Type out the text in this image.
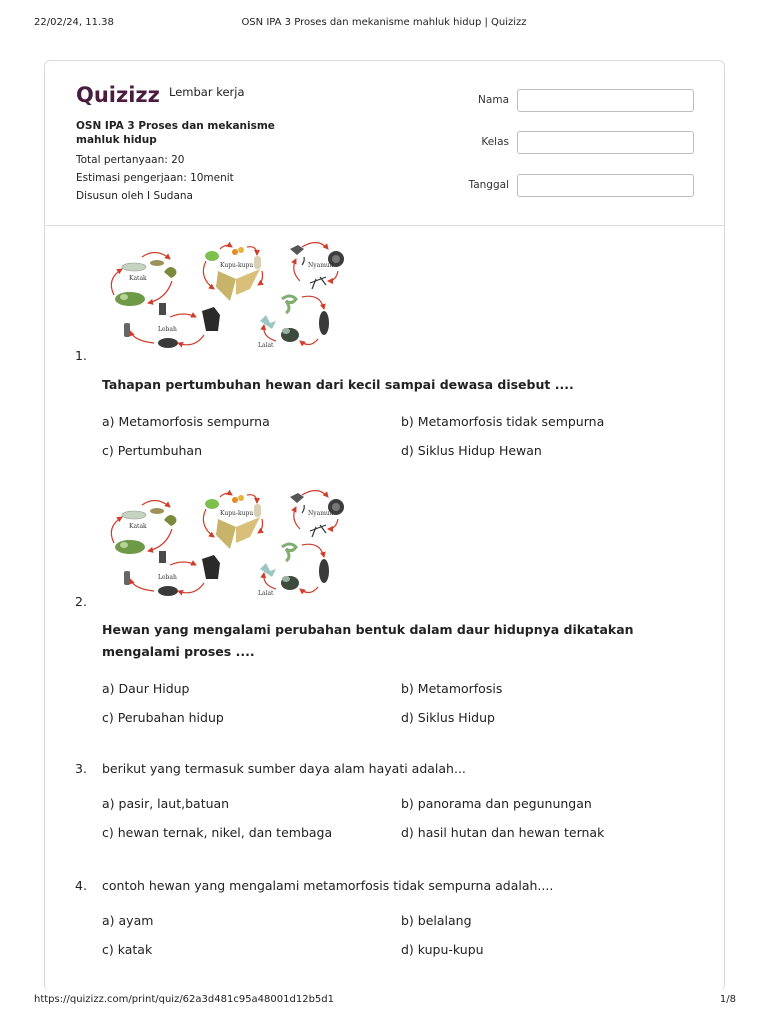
22/02/24, 11.38	OSN IPA 3 Proses dan mekanisme mahluk hidup | Quizizz
Quizizz Lembar kerja
OSN IPA 3 Proses dan mekanisme mahluk hidup
Total pertanyaan: 20
Estimasi pengerjaan: 10menit
Disusun oleh I Sudana
Nama
Kelas
Tanggal
Katak
Kupu-kupu	Nyamuk
Lebah
Lalat
1.
Tahapan pertumbuhan hewan dari kecil sampai dewasa disebut ....
a) Metamorfosis sempurna	b) Metamorfosis tidak sempurna
c) Pertumbuhan	d) Siklus Hidup Hewan
Katak
Kupu-kupu	Nyamuk
Lebah
Lalat
2.
Hewan yang mengalami perubahan bentuk dalam daur hidupnya dikatakan mengalami proses ....
a) Daur Hidup	b) Metamorfosis
c) Perubahan hidup	d) Siklus Hidup
3. berikut yang termasuk sumber daya alam hayati adalah...
a) pasir, laut,batuan	b) panorama dan pegunungan
c) hewan ternak, nikel, dan tembaga	d) hasil hutan dan hewan ternak
4. contoh hewan yang mengalami metamorfosis tidak sempurna adalah....
a) ayam	b) belalang
c) katak	d) kupu-kupu
https://quizizz.com/print/quiz/62a3d481c95a48001d12b5d1	1/8
